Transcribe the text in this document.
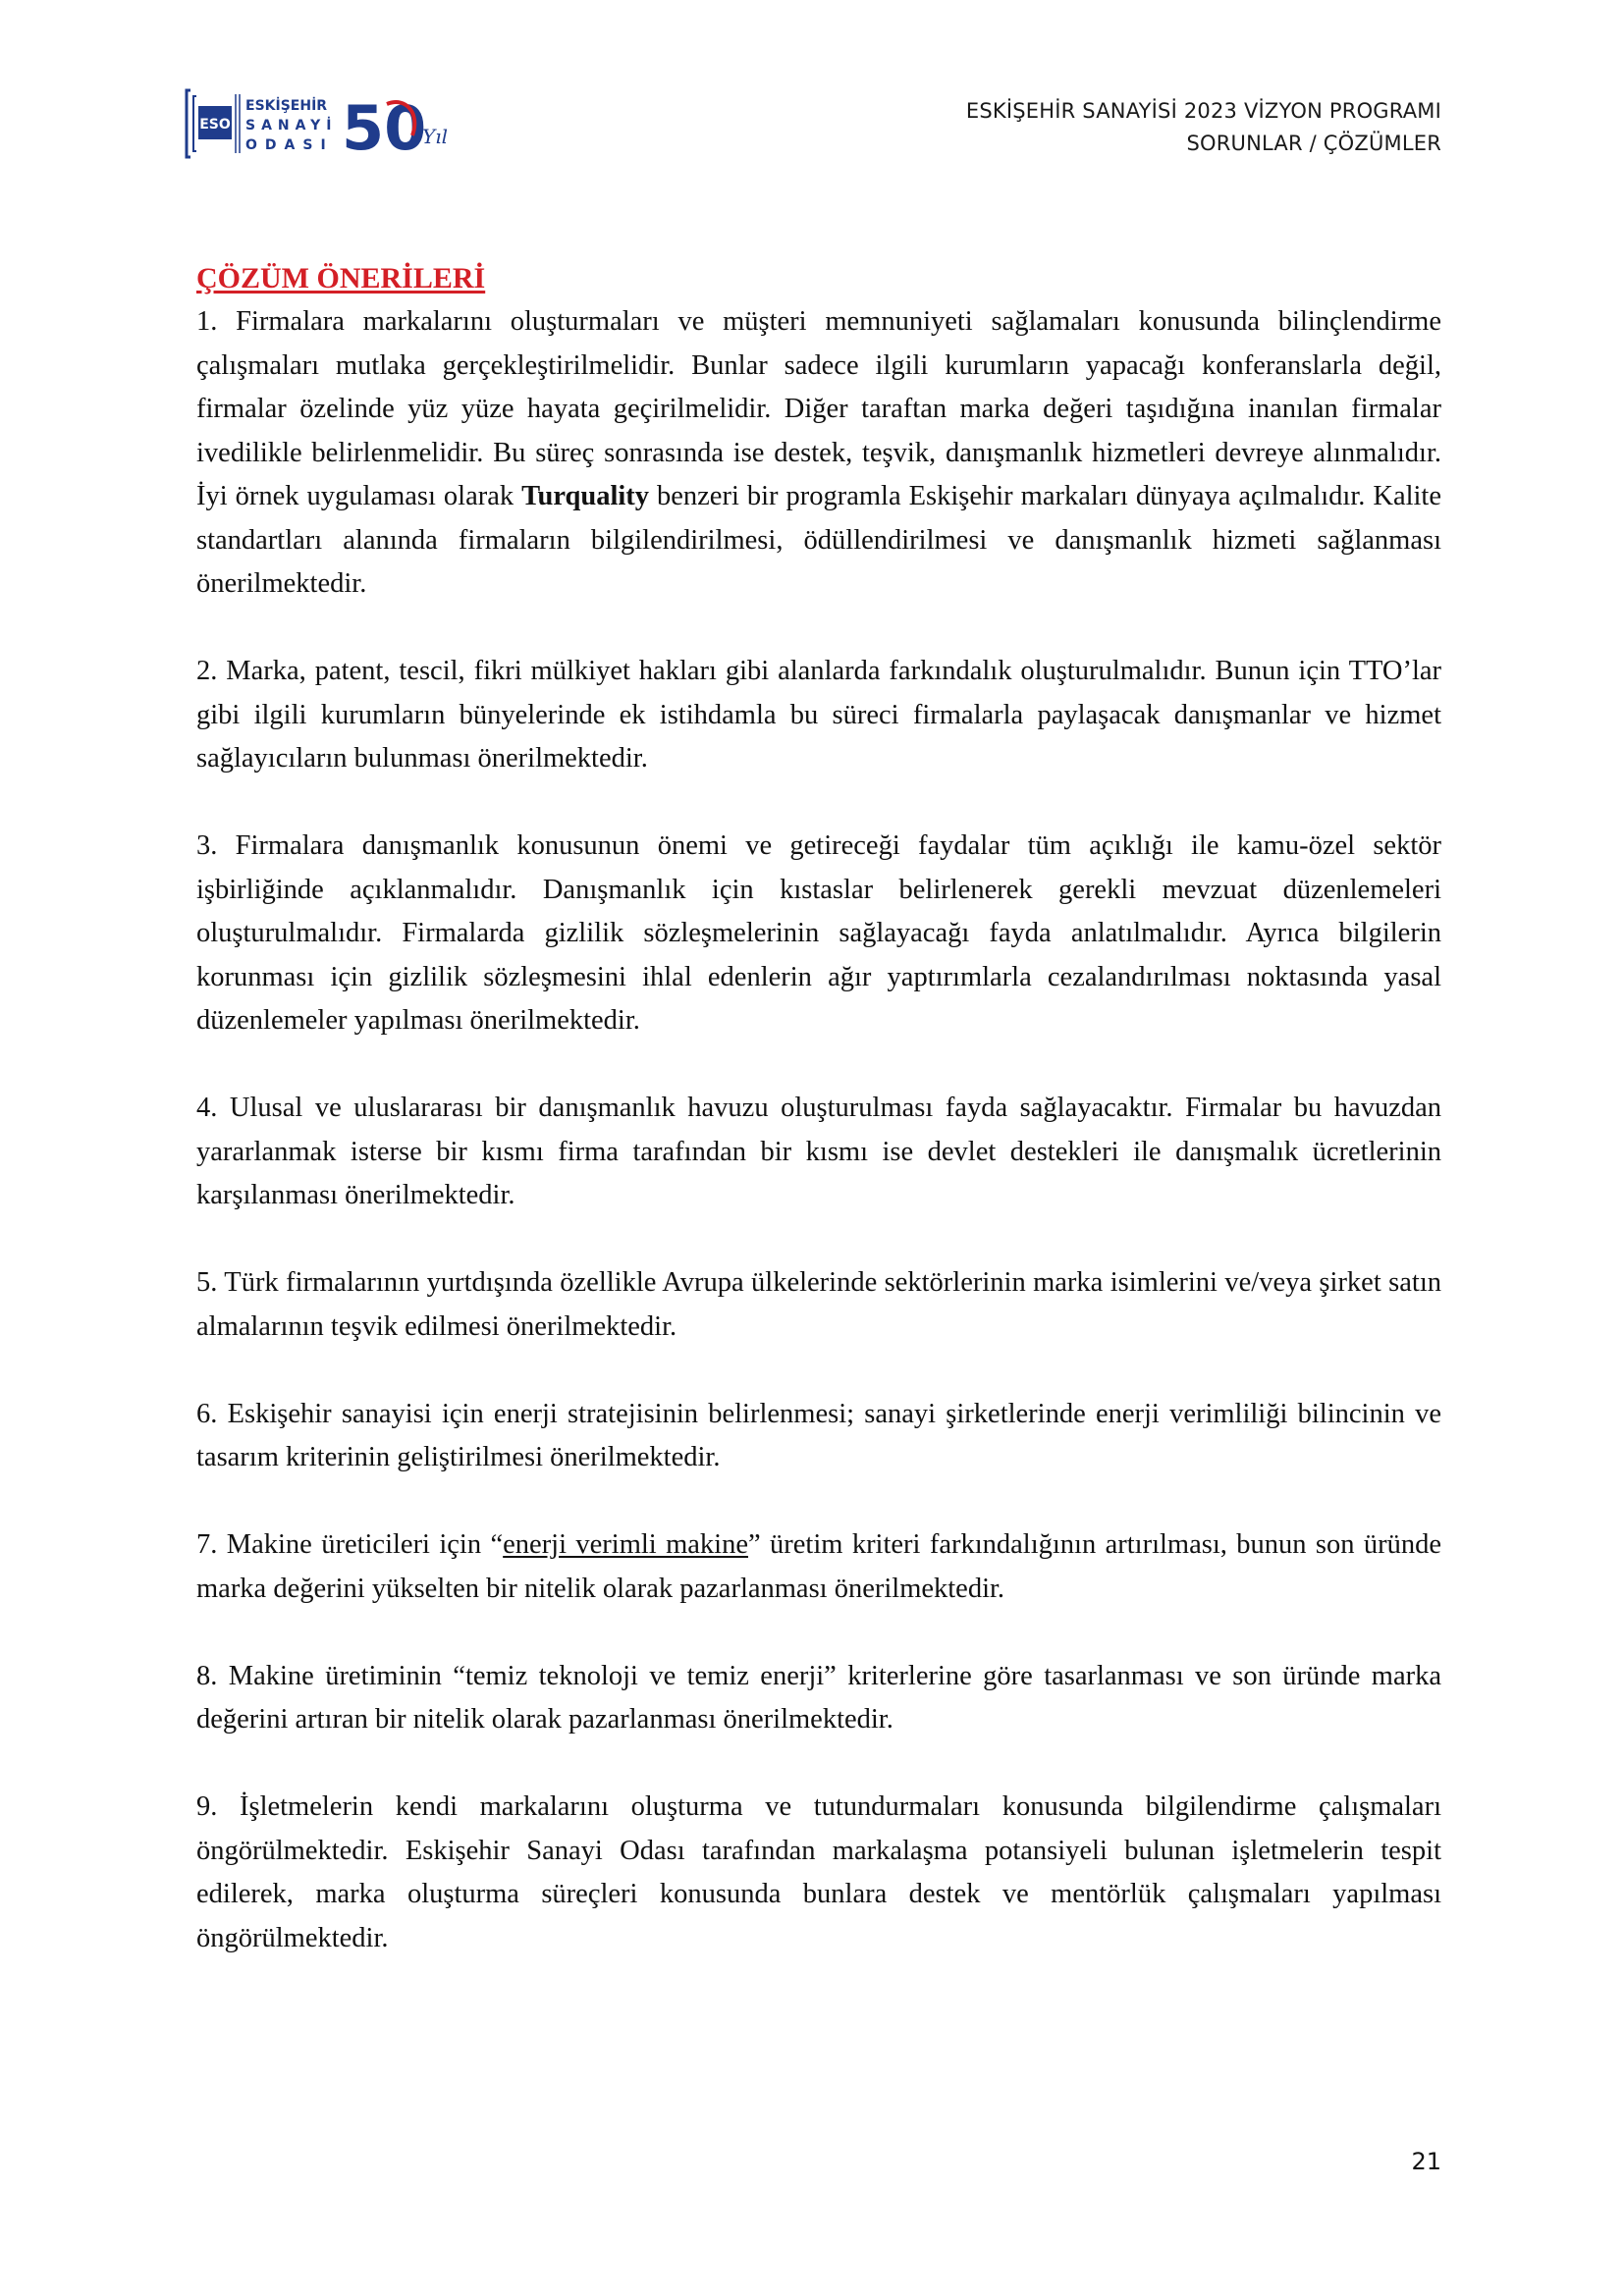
ESO
ESKİŞEHİR
SANAYİ
ODASI 50
Yıl
ESKİŞEHİR SANAYİSİ 2023 VİZYON PROGRAMI
SORUNLAR / ÇÖZÜMLER
ÇÖZÜM ÖNERİLERİ

1. Firmalara markalarını oluşturmaları ve müşteri memnuniyeti sağlamaları konusunda bilinçlendirme çalışmaları mutlaka gerçekleştirilmelidir. Bunlar sadece ilgili kurumların yapacağı konferanslarla değil, firmalar özelinde yüz yüze hayata geçirilmelidir. Diğer taraftan marka değeri taşıdığına inanılan firmalar ivedilikle belirlenmelidir. Bu süreç sonrasında ise destek, teşvik, danışmanlık hizmetleri devreye alınmalıdır. İyi örnek uygulaması olarak Turquality benzeri bir programla Eskişehir markaları dünyaya açılmalıdır. Kalite standartları alanında firmaların bilgilendirilmesi, ödüllendirilmesi ve danışmanlık hizmeti sağlanması önerilmektedir.

2. Marka, patent, tescil, fikri mülkiyet hakları gibi alanlarda farkındalık oluşturulmalıdır. Bunun için TTO’lar gibi ilgili kurumların bünyelerinde ek istihdamla bu süreci firmalarla paylaşacak danışmanlar ve hizmet sağlayıcıların bulunması önerilmektedir.

3. Firmalara danışmanlık konusunun önemi ve getireceği faydalar tüm açıklığı ile kamu-özel sektör işbirliğinde açıklanmalıdır. Danışmanlık için kıstaslar belirlenerek gerekli mevzuat düzenlemeleri oluşturulmalıdır. Firmalarda gizlilik sözleşmelerinin sağlayacağı fayda anlatılmalıdır. Ayrıca bilgilerin korunması için gizlilik sözleşmesini ihlal edenlerin ağır yaptırımlarla cezalandırılması noktasında yasal düzenlemeler yapılması önerilmektedir.

4. Ulusal ve uluslararası bir danışmanlık havuzu oluşturulması fayda sağlayacaktır. Firmalar bu havuzdan yararlanmak isterse bir kısmı firma tarafından bir kısmı ise devlet destekleri ile danışmalık ücretlerinin karşılanması önerilmektedir.

5. Türk firmalarının yurtdışında özellikle Avrupa ülkelerinde sektörlerinin marka isimlerini ve/veya şirket satın almalarının teşvik edilmesi önerilmektedir.

6. Eskişehir sanayisi için enerji stratejisinin belirlenmesi; sanayi şirketlerinde enerji verimliliği bilincinin ve tasarım kriterinin geliştirilmesi önerilmektedir.

7. Makine üreticileri için “enerji verimli makine” üretim kriteri farkındalığının artırılması, bunun son üründe marka değerini yükselten bir nitelik olarak pazarlanması önerilmektedir.

8. Makine üretiminin “temiz teknoloji ve temiz enerji” kriterlerine göre tasarlanması ve son üründe marka değerini artıran bir nitelik olarak pazarlanması önerilmektedir.

9. İşletmelerin kendi markalarını oluşturma ve tutundurmaları konusunda bilgilendirme çalışmaları öngörülmektedir. Eskişehir Sanayi Odası tarafından markalaşma potansiyeli bulunan işletmelerin tespit edilerek, marka oluşturma süreçleri konusunda bunlara destek ve mentörlük çalışmaları yapılması öngörülmektedir.

21
